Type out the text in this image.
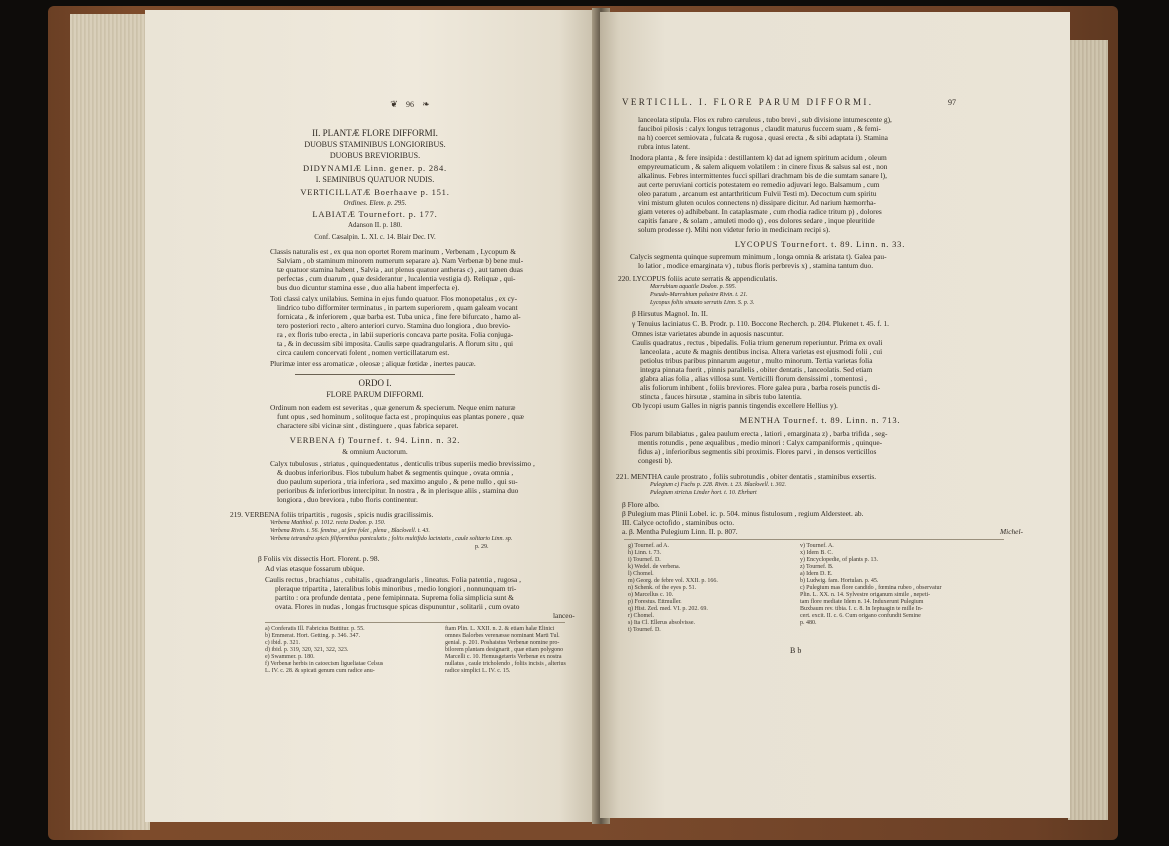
❦ 96 ❧
II. PLANTÆ FLORE DIFFORMI.
DUOBUS STAMINIBUS LONGIORIBUS.
DUOBUS BREVIORIBUS.
DIDYNAMIÆ Linn. gener. p. 284.
I. SEMINIBUS QUATUOR NUDIS.
VERTICILLATÆ Boerhaave p. 151.
Ordines. Elem. p. 295.
LABIATÆ Tournefort. p. 177.
Adanson II. p. 180.
Conf. Cæsalpin. L. XI. c. 14. Blair Dec. IV.
Classis naturalis est , ex qua non oportet Rorem marinum , Verbenam , Lycopum &
Salviam , ob staminum minorem numerum separare a). Nam Verbenæ b) bene mul-
tæ quatuor stamina habent , Salvia , aut plenus quatuor antheras c) , aut tamen duas
perfectas , cum duarum , quæ desiderantur , lucalentia vestigia d). Reliquæ , qui-
bus duo dicuntur stamina esse , duo alia habent imperfecta e).
Toti classi calyx unilabius. Semina in ejus fundo quatuor. Flos monopetalus , ex cy-
lindrico tubo difformiter terminatus , in partem superiorem , quam galeam vocant
fornicata , & inferiorem , quæ barba est. Tuba unica , fine fere bifurcato , hamo al-
tero posteriori recto , altero anteriori curvo. Stamina duo longiora , duo brevio-
ra , ex floris tubo erecta , in labii superioris concava parte posita. Folia conjuga-
ta , & in decussim sibi imposita. Caulis sæpe quadrangularis. A florum situ , qui
circa caulem concervati folent , nomen verticillatarum est.
Plurimæ inter ess aromaticæ , oleosæ ; aliquæ fœtidæ , inertes paucæ.
ORDO I.
FLORE PARUM DIFFORMI.
Ordinum non eadem est severitas , quæ generum & specierum. Neque enim naturæ
funt opus , sed hominum , solitoque facta est , propinquius eas plantas ponere , quæ
charactere sibi vicinæ sint , distinguere , quas fabrica separet.
VERBENA f) Tournef. t. 94. Linn. n. 32.
& omnium Auctorum.
Calyx tubulosus , striatus , quinquedentatus , denticulis tribus superiis medio brevissimo ,
& duobus inferioribus. Flos tubulum habet & segmentis quinque , ovata omnia ,
duo paulum superiora , tria inferiora , sed maximo angulo , & pene nullo , qui su-
perioribus & inferioribus intercipitur. In nostra , & in plerisque aliis , stamina duo
longiora , duo breviora , tubo floris continentur.
219. VERBENA foliis tripartitis , rugosis , spicis nudis gracilissimis.
Verbena Matthiol. p. 1012. recta Dodon. p. 150.
Verbena Rivin. t. 56. femina , ut fere folet , plena , Blackwell. t. 43.
Verbena tetrandra spicis filiformibus paniculatis ; foliis multifido laciniatis , caule solitario Linn. sp.
p. 29.
β Foliis vix dissectis Hort. Florent. p. 98.
Ad vias etasque fossarum ubique.
Caulis rectus , brachiatus , cubitalis , quadrangularis , lineatus. Folia patentia , rugosa ,
pleraque tripartita , lateralibus lobis minoribus , medio longiori , nonnunquam tri-
partito : ora profunde dentata , pene femipinnata. Suprema folia simplicia sunt &
ovata. Flores in nudas , longas fructusque spicas dispununtur , solitarii , cum ovato
lanceo-
a) Conferatis Ill. Fabricius Buttitur. p. 55.
b) Emmerat. Hort. Getting. p. 346. 347.
c) ibid. p. 321.
d) ibid. p. 319, 320, 321, 322, 323.
e) Swammer. p. 180.
f) Verbenæ herbis in catoecism ligueliatae Celsus
L. IV. c. 28. & spicati genum cum radice anu-
ftam Plin. L. XXII. n. 2. & etiam halæ Elinici
omnes Balorbes verenæsse nominant Marti Tul.
genial. p. 201. Poshaistus Verbenæ nomine pro-
bilorem plantam designarit , quæ etiam polygono
Marcelli c. 10. Hemusgetæris Verbenæ ex nostra
nullatus , caule tricholendo , foliis incisis , alterius
radice simplici L. IV. c. 15.
VERTICILL. I. FLORE PARUM DIFFORMI.	97
lanceolata stipula. Flos ex rubro cæruleus , tubo brevi , sub divisione intumescente g),
fauciboi pilosis : calyx longus tetragonus , claudit maturus fuccem suam , & femi-
na h) coercet semiovata , fulcata & rugosa , quasi erecta , & sibi adaptata i). Stamina
rubra intus latent.
Inodora planta , & fere insipida : destillantem k) dat ad ignem spiritum acidum , oleum
empyreumaticum , & salem aliquem volatilem : in cinere fixus & salsus sal est , non
alkalinus. Febres intermittentes fucci spillari drachmam bis de die sumtam sanare l),
aut certe peruviani corticis potestatem eo remedio adjuvari lego. Balsamum , cum
oleo paratum , arcanum est antarthriticum Fulvii Testi m). Decoctum cum spiritu
vini mistum gluten oculos connectens n) dissipare dicitur. Ad narium hæmorrha-
giam veteres o) adhibebant. In cataplasmate , cum rhodia radice tritum p) , dolores
capitis fanare , & solam , amuleti modo q) , eos dolores sedare , inque pleuritide
solum prodesse r). Mihi non videtur ferio in medicinam recipi s).
LYCOPUS Tournefort. t. 89. Linn. n. 33.
Calycis segmenta quinque supremum minimum , longa omnia & aristata t). Galea pau-
lo latior , modice emarginata v) , tubus floris perbrevis x) , stamina tantum duo.
220. LYCOPUS foliis acute serratis & appendiculatis.
Marrubium aquatile Dodon. p. 595.
Pseudo-Marrubium palustre Rivin. t. 21.
Lycopus foliis sinuato serratis Linn. S. p. 3.
β Hirsutus Magnol. In. II.
γ Tenuius laciniatus C. B. Prodr. p. 110. Boccone Recherch. p. 204. Plukenet t. 45. f. 1.
Omnes istæ varietates abunde in aquosis nascuntur.
Caulis quadratus , rectus , bipedalis. Folia trium generum reperiuntur. Prima ex ovali
lanceolata , acute & magnis dentibus incisa. Altera varietas est ejusmodi folii , cui
petiolus tribus paribus pinnarum augetur , multo minorum. Tertia varietas folia
integra pinnata fuerit , pinnis parallelis , obiter dentatis , lanceolatis. Sed etiam
glabra alias folia , alias villosa sunt. Verticilli florum densissimi , tomentosi ,
alis foliorum inhibent , foliis breviores. Flore galea pura , barba roseis punctis di-
stincta , fauces hirsutæ , stamina in sibris tubo latentia.
Ob lycopi usum Galles in nigris pannis tingendis excellere Hellius y).
MENTHA Tournef. t. 89. Linn. n. 713.
Flos parum bilabiatus , galea paulum erecta , latiori , emarginata z) , barba trifida , seg-
mentis rotundis , pene æqualibus , medio minori : Calyx campaniformis , quinque-
fidus a) , inferioribus segmentis sibi proximis. Flores parvi , in densos verticillos
congesti b).
221. MENTHA caule prostrato , foliis subrotundis , obiter dentatis , staminibus exsertis.
Pulegium c) Fuchs p. 228. Rivin. t. 23. Blackwell. t. 302.
Pulegium strictus Linder hort. t. 10. Ehrhart
β Flore albo.
β Pulegium mas Plinii Lobel. ic. p. 504. minus fistulosum , regium Aldersteet. ab.
III. Calyce octofido , staminibus octo.
a. β. Mentha Pulegium Linn. II. p. 807.	Michel-
g) Tournef. ad A.
h) Linn. t. 73.
i) Tournef. D.
k) Wedel. de verbena.
l) Chomel.
m) Georg. de febre vol. XXII. p. 166.
n) Schenk. of the eyes p. 51.
o) Marcellus c. 10.
p) Forestus. Ettmuller.
q) Hist. Zed. med. VI. p. 202. 69.
r) Chomel.
s) Ita Cl. Ellerus absolvisse.
t) Tournef. D.
v) Tournef. A.
x) Idem B. C.
y) Encyclopedie, of plants p. 13.
z) Tournef. B.
a) Idem D. E.
b) Ludwig. fam. Hortulan. p. 45.
c) Pulegium mas flore candido , fœmina rubeo , observatur
Plin. L. XX. n. 14. Sylvestre origanum simile , nepeti-
tam flore mediate Idem n. 14. Induxerunt Pulegium
Buxbaum rev. tibia. I. c. 8. In Ieptuagin te mille In-
cert. excit. II. c. 6. Cum origano confundit Semine
p. 480.
B b
